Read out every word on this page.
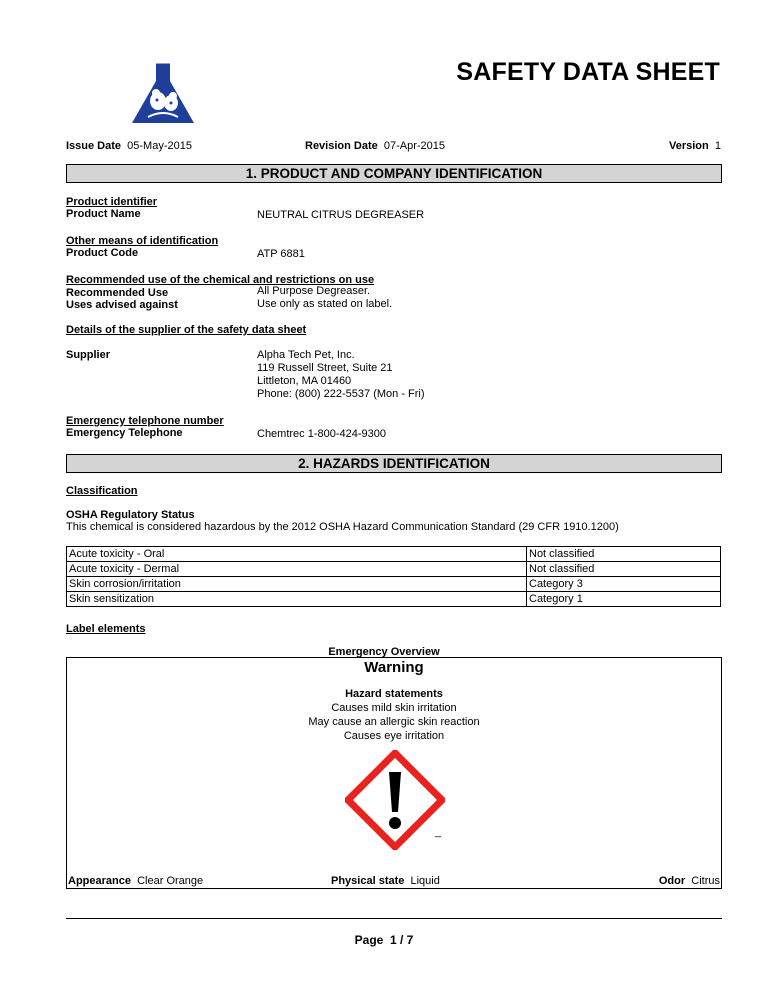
SAFETY DATA SHEET
Issue Date 05-May-2015	Revision Date 07-Apr-2015	Version 1
1. PRODUCT AND COMPANY IDENTIFICATION
Product identifier
Product Name	NEUTRAL CITRUS DEGREASER
Other means of identification
Product Code	ATP 6881
Recommended use of the chemical and restrictions on use
Recommended Use	All Purpose Degreaser.
Uses advised against	Use only as stated on label.
Details of the supplier of the safety data sheet
Supplier	Alpha Tech Pet, Inc.
119 Russell Street, Suite 21
Littleton, MA 01460
Phone: (800) 222-5537 (Mon - Fri)
Emergency telephone number
Emergency Telephone	Chemtrec 1-800-424-9300
2. HAZARDS IDENTIFICATION
Classification
OSHA Regulatory Status
This chemical is considered hazardous by the 2012 OSHA Hazard Communication Standard (29 CFR 1910.1200)
Acute toxicity - Oral	Not classified
Acute toxicity - Dermal	Not classified
Skin corrosion/irritation	Category 3
Skin sensitization	Category 1
Label elements
Emergency Overview
Warning
Hazard statements
Causes mild skin irritation
May cause an allergic skin reaction
Causes eye irritation
_
Appearance Clear Orange	Physical state Liquid	Odor Citrus
Page 1 / 7
